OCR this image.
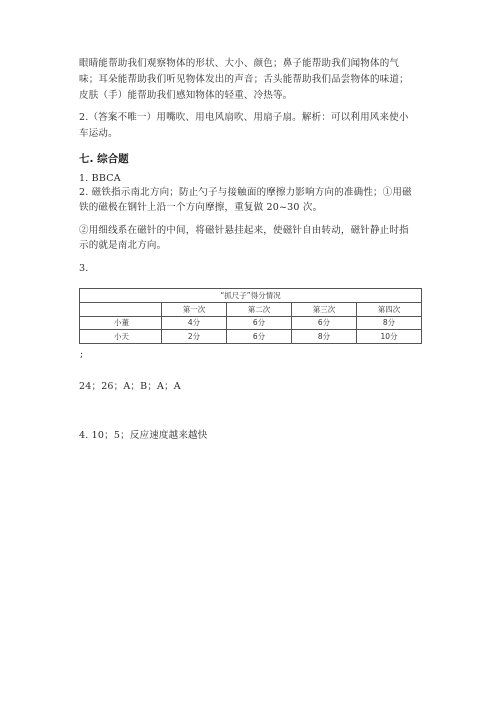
眼睛能帮助我们观察物体的形状、大小、颜色；鼻子能帮助我们闻物体的气
味；耳朵能帮助我们听见物体发出的声音；舌头能帮助我们品尝物体的味道；
皮肤（手）能帮助我们感知物体的轻重、冷热等。
2.（答案不唯一）用嘴吹、用电风扇吹、用扇子扇。解析：可以利用风来使小
车运动。
七. 综合题
1. BBCA
2. 磁铁指示南北方向；防止勺子与接触面的摩擦力影响方向的准确性；①用磁
铁的磁极在钢针上沿一个方向摩擦，重复做 20~30 次。
②用细线系在磁针的中间，将磁针悬挂起来，使磁针自由转动，磁针静止时指
示的就是南北方向。
3.
“抓尺子”得分情况				
	第一次	第二次	第三次	第四次
小董	4分	6分	6分	8分
小天	2分	6分	8分	10分
;
24；26；A；B；A；A
4. 10；5；反应速度越来越快
